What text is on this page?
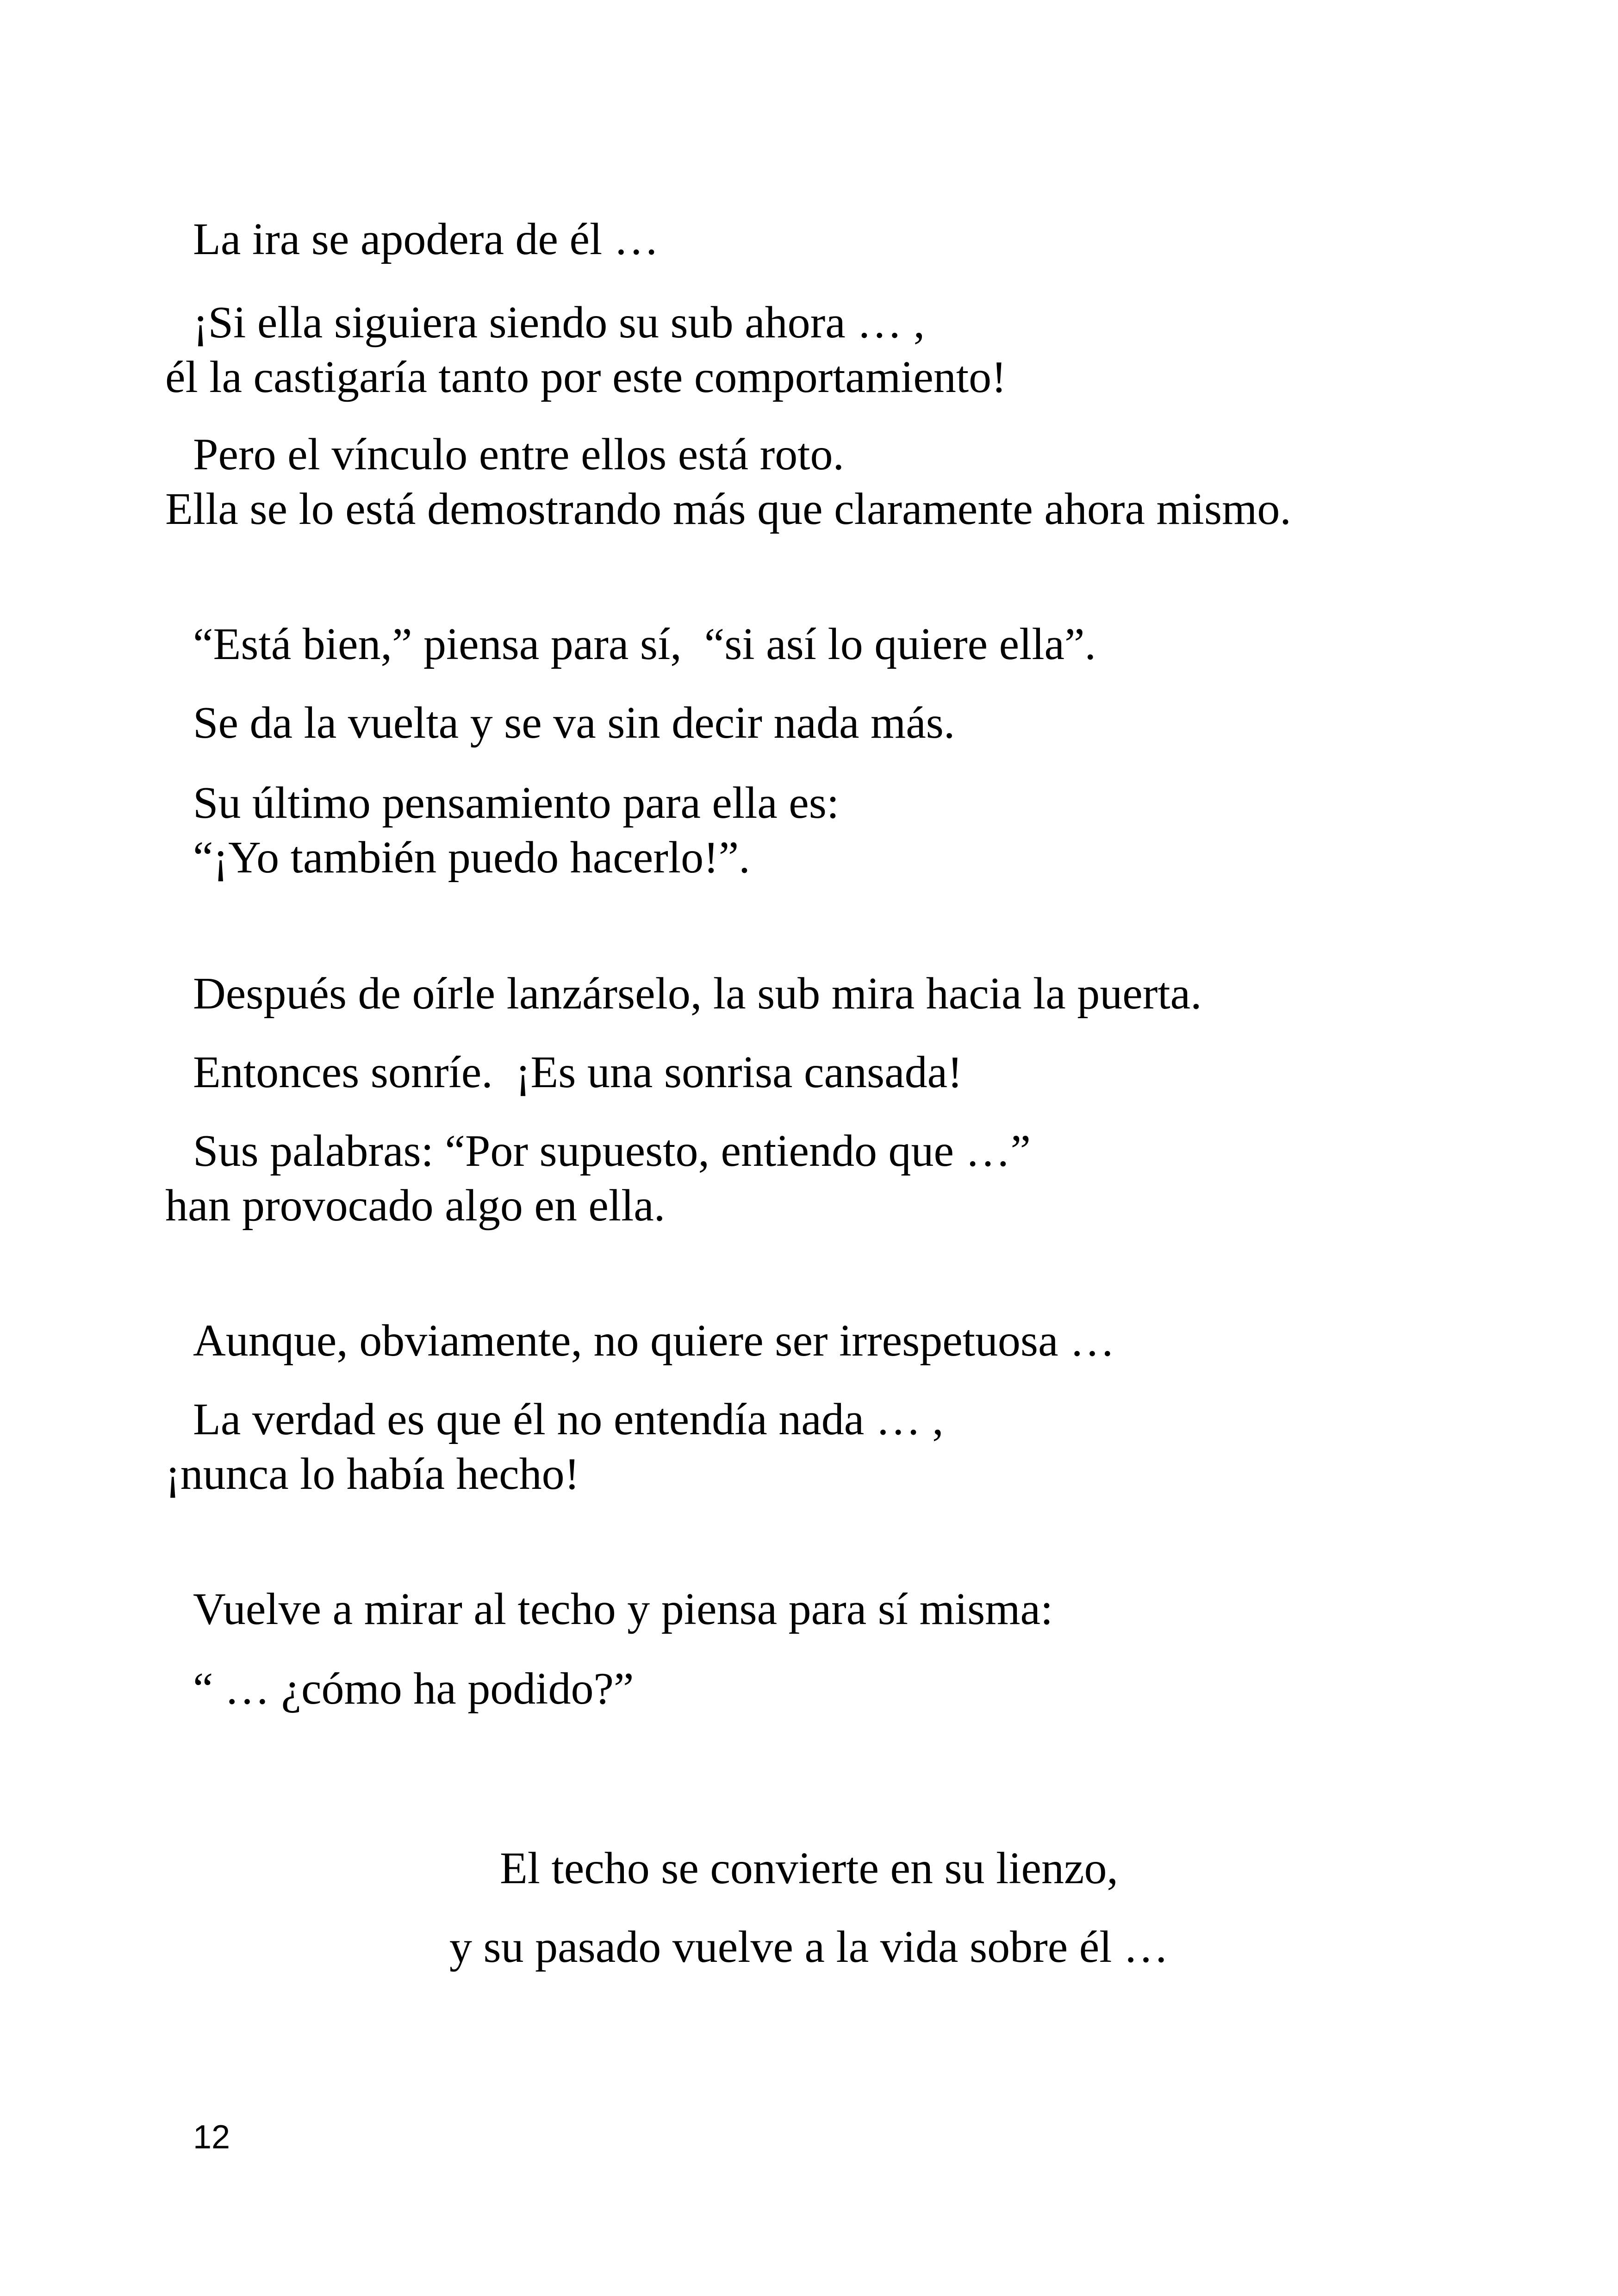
La ira se apodera de él …

¡Si ella siguiera siendo su sub ahora … ,

él la castigaría tanto por este comportamiento!

Pero el vínculo entre ellos está roto.

Ella se lo está demostrando más que claramente ahora mismo.

“Está bien,” piensa para sí,  “si así lo quiere ella”.

Se da la vuelta y se va sin decir nada más.

Su último pensamiento para ella es:

“¡Yo también puedo hacerlo!”.

Después de oírle lanzárselo, la sub mira hacia la puerta.

Entonces sonríe.  ¡Es una sonrisa cansada!

Sus palabras: “Por supuesto, entiendo que …”

han provocado algo en ella.

Aunque, obviamente, no quiere ser irrespetuosa …

La verdad es que él no entendía nada … ,

¡nunca lo había hecho!

Vuelve a mirar al techo y piensa para sí misma:

“ … ¿cómo ha podido?”

El techo se convierte en su lienzo,

y su pasado vuelve a la vida sobre él …

12
